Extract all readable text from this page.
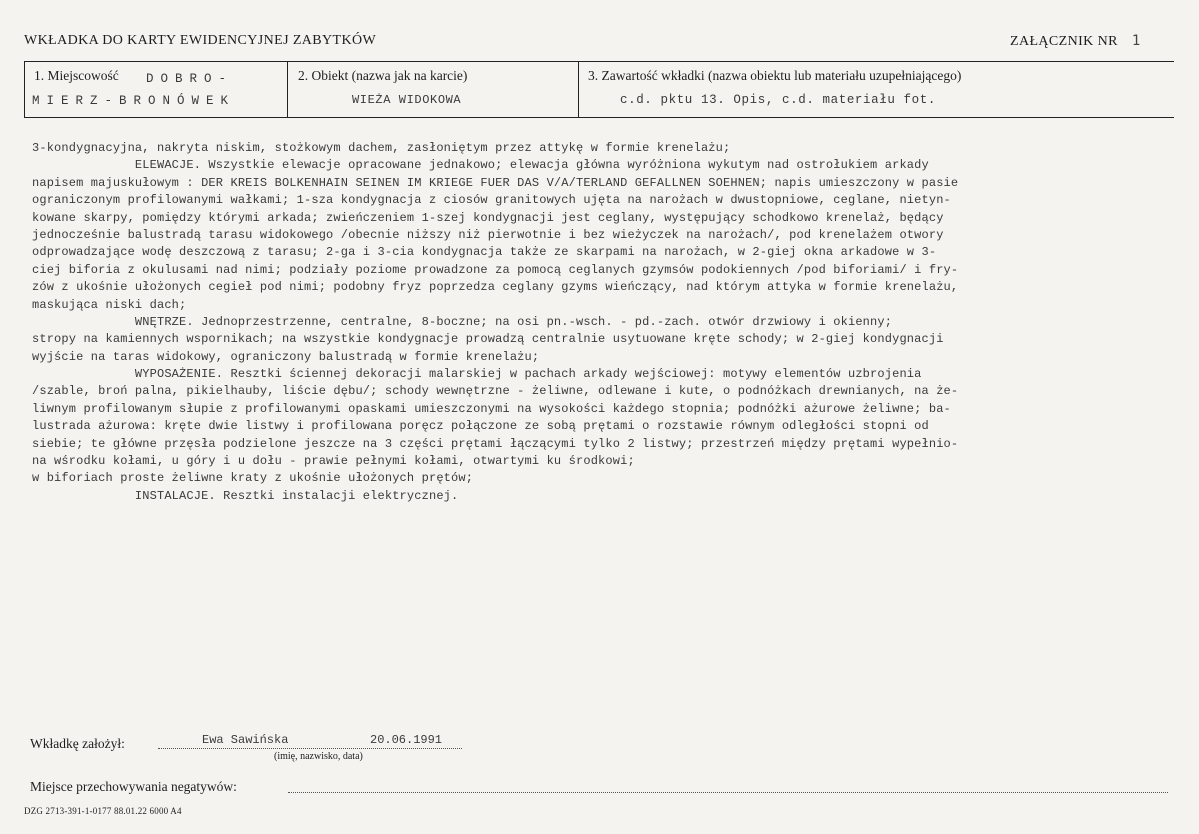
WKŁADKA DO KARTY EWIDENCYJNEJ ZABYTKÓW	ZAŁĄCZNIK NR 1
1. Miejscowość DOBRO-
MIERZ-BRONÓWEK
2. Obiekt (nazwa jak na karcie)
WIEŻA WIDOKOWA
3. Zawartość wkładki (nazwa obiektu lub materiału uzupełniającego)
c.d. pktu 13. Opis, c.d. materiału fot.
3-kondygnacyjna, nakryta niskim, stożkowym dachem, zasłoniętym przez attykę w formie krenelażu;
ELEWACJE. Wszystkie elewacje opracowane jednakowo; elewacja główna wyróżniona wykutym nad ostrołukiem arkady
napisem majuskułowym : DER KREIS BOLKENHAIN SEINEN IM KRIEGE FUER DAS V/A/TERLAND GEFALLNEN SOEHNEN; napis umieszczony w pasie
ograniczonym profilowanymi wałkami; 1-sza kondygnacja z ciosów granitowych ujęta na narożach w dwustopniowe, ceglane, nietyn-
kowane skarpy, pomiędzy którymi arkada; zwieńczeniem 1-szej kondygnacji jest ceglany, występujący schodkowo krenelaż, będący
jednocześnie balustradą tarasu widokowego /obecnie niższy niż pierwotnie i bez wieżyczek na narożach/, pod krenelażem otwory
odprowadzające wodę deszczową z tarasu; 2-ga i 3-cia kondygnacja także ze skarpami na narożach, w 2-giej okna arkadowe w 3-
ciej biforia z okulusami nad nimi; podziały poziome prowadzone za pomocą ceglanych gzymsów podokiennych /pod biforiami/ i fry-
zów z ukośnie ułożonych cegieł pod nimi; podobny fryz poprzedza ceglany gzyms wieńczący, nad którym attyka w formie krenelażu,
maskująca niski dach;
WNĘTRZE. Jednoprzestrzenne, centralne, 8-boczne; na osi pn.-wsch. - pd.-zach. otwór drzwiowy i okienny;
stropy na kamiennych wspornikach; na wszystkie kondygnacje prowadzą centralnie usytuowane kręte schody; w 2-giej kondygnacji
wyjście na taras widokowy, ograniczony balustradą w formie krenelażu;
WYPOSAŻENIE. Resztki ściennej dekoracji malarskiej w pachach arkady wejściowej: motywy elementów uzbrojenia
/szable, broń palna, pikielhauby, liście dębu/; schody wewnętrzne - żeliwne, odlewane i kute, o podnóżkach drewnianych, na że-
liwnym profilowanym słupie z profilowanymi opaskami umieszczonymi na wysokości każdego stopnia; podnóżki ażurowe żeliwne; ba-
lustrada ażurowa: kręte dwie listwy i profilowana poręcz połączone ze sobą prętami o rozstawie równym odległości stopni od
siebie; te główne przęsła podzielone jeszcze na 3 części prętami łączącymi tylko 2 listwy; przestrzeń między prętami wypełnio-
na wśrodku kołami, u góry i u dołu - prawie pełnymi kołami, otwartymi ku środkowi;
w biforiach proste żeliwne kraty z ukośnie ułożonych prętów;
INSTALACJE. Resztki instalacji elektrycznej.
Wkładkę założył:	Ewa Sawińska	20.06.1991
(imię, nazwisko, data)
Miejsce przechowywania negatywów:
DZG 2713-391-1-0177 88.01.22 6000 A4
